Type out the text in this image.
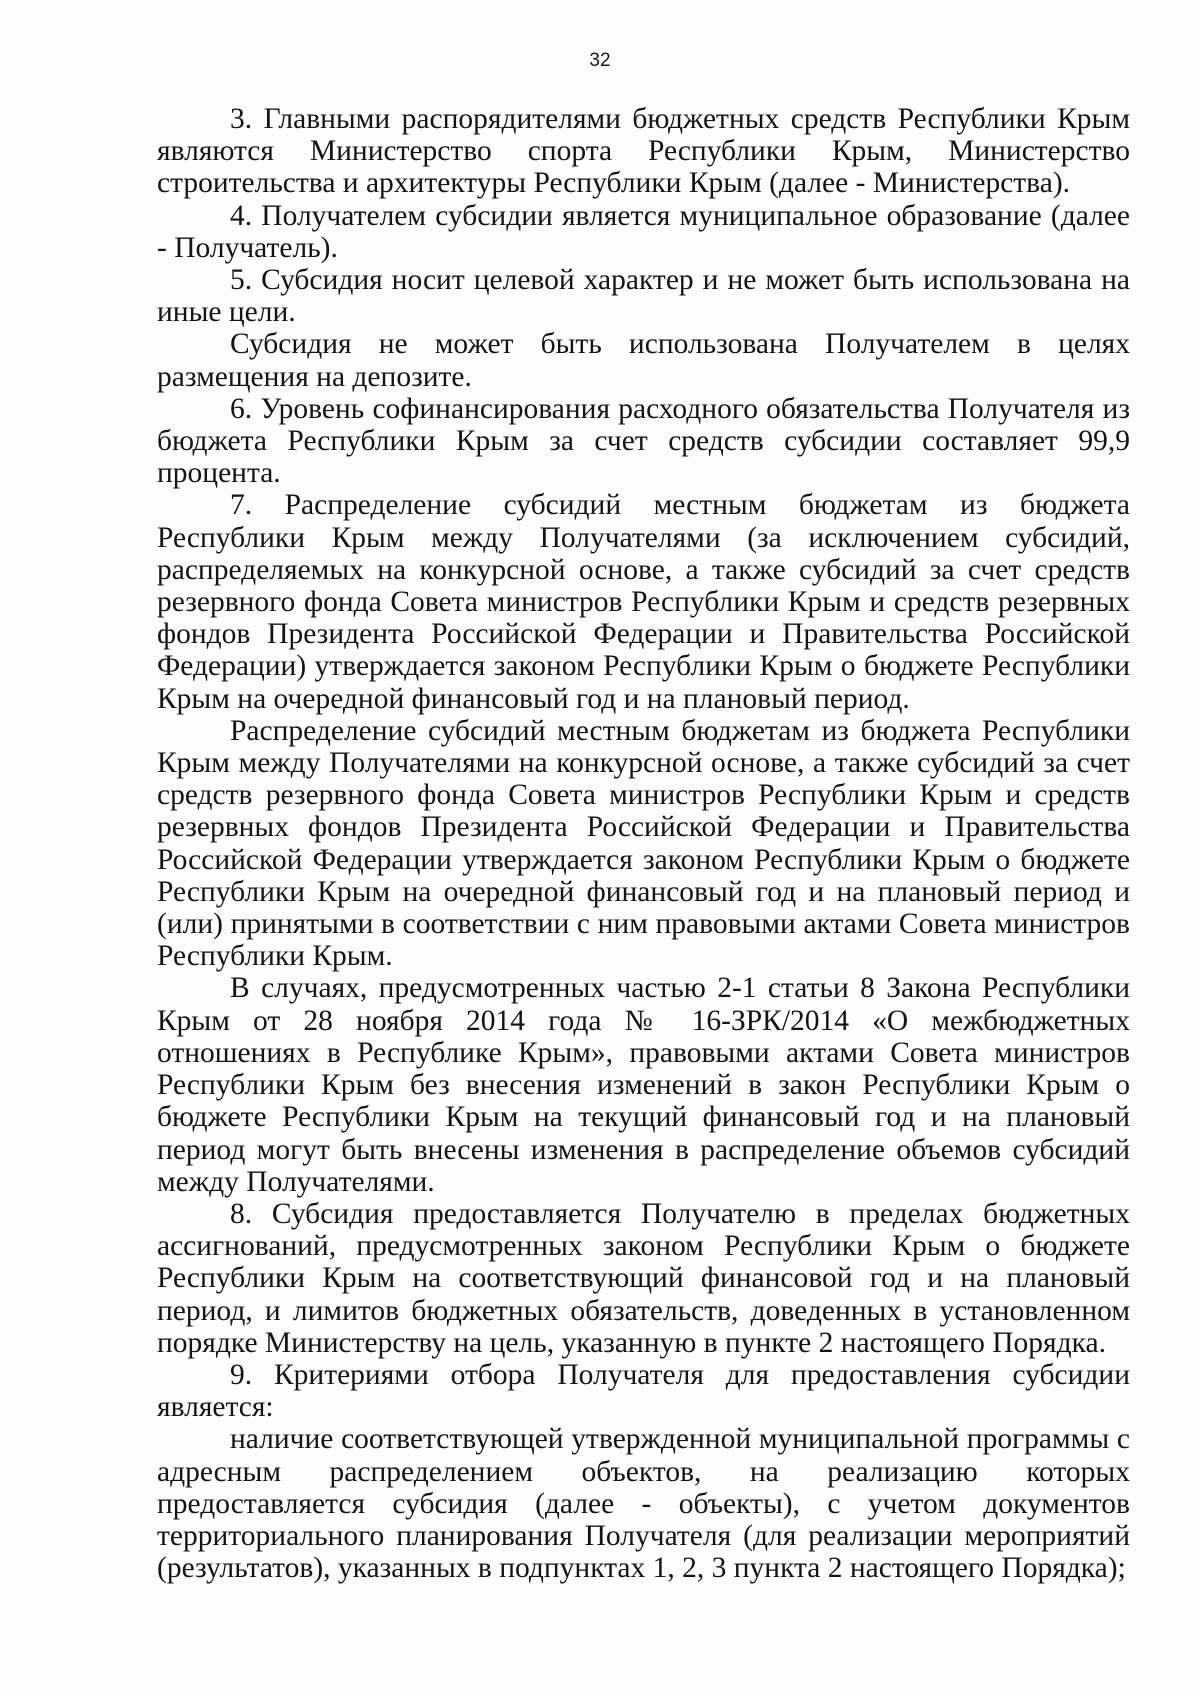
32

3. Главными распорядителями бюджетных средств Республики Крым являются Министерство спорта Республики Крым, Министерство строительства и архитектуры Республики Крым (далее - Министерства).

4. Получателем субсидии является муниципальное образование (далее - Получатель).

5. Субсидия носит целевой характер и не может быть использована на иные цели.

Субсидия не может быть использована Получателем в целях размещения на депозите.

6. Уровень софинансирования расходного обязательства Получателя из бюджета Республики Крым за счет средств субсидии составляет 99,9 процента.

7. Распределение субсидий местным бюджетам из бюджета Республики Крым между Получателями (за исключением субсидий, распределяемых на конкурсной основе, а также субсидий за счет средств резервного фонда Совета министров Республики Крым и средств резервных фондов Президента Российской Федерации и Правительства Российской Федерации) утверждается законом Республики Крым о бюджете Республики Крым на очередной финансовый год и на плановый период.

Распределение субсидий местным бюджетам из бюджета Республики Крым между Получателями на конкурсной основе, а также субсидий за счет средств резервного фонда Совета министров Республики Крым и средств резервных фондов Президента Российской Федерации и Правительства Российской Федерации утверждается законом Республики Крым о бюджете Республики Крым на очередной финансовый год и на плановый период и (или) принятыми в соответствии с ним правовыми актами Совета министров Республики Крым.

В случаях, предусмотренных частью 2-1 статьи 8 Закона Республики Крым от 28 ноября 2014 года № 16-ЗРК/2014 «О межбюджетных отношениях в Республике Крым», правовыми актами Совета министров Республики Крым без внесения изменений в закон Республики Крым о бюджете Республики Крым на текущий финансовый год и на плановый период могут быть внесены изменения в распределение объемов субсидий между Получателями.

8. Субсидия предоставляется Получателю в пределах бюджетных ассигнований, предусмотренных законом Республики Крым о бюджете Республики Крым на соответствующий финансовой год и на плановый период, и лимитов бюджетных обязательств, доведенных в установленном порядке Министерству на цель, указанную в пункте 2 настоящего Порядка.

9. Критериями отбора Получателя для предоставления субсидии является:

наличие соответствующей утвержденной муниципальной программы с адресным распределением объектов, на реализацию которых предоставляется субсидия (далее - объекты), с учетом документов территориального планирования Получателя (для реализации мероприятий (результатов), указанных в подпунктах 1, 2, 3 пункта 2 настоящего Порядка);
